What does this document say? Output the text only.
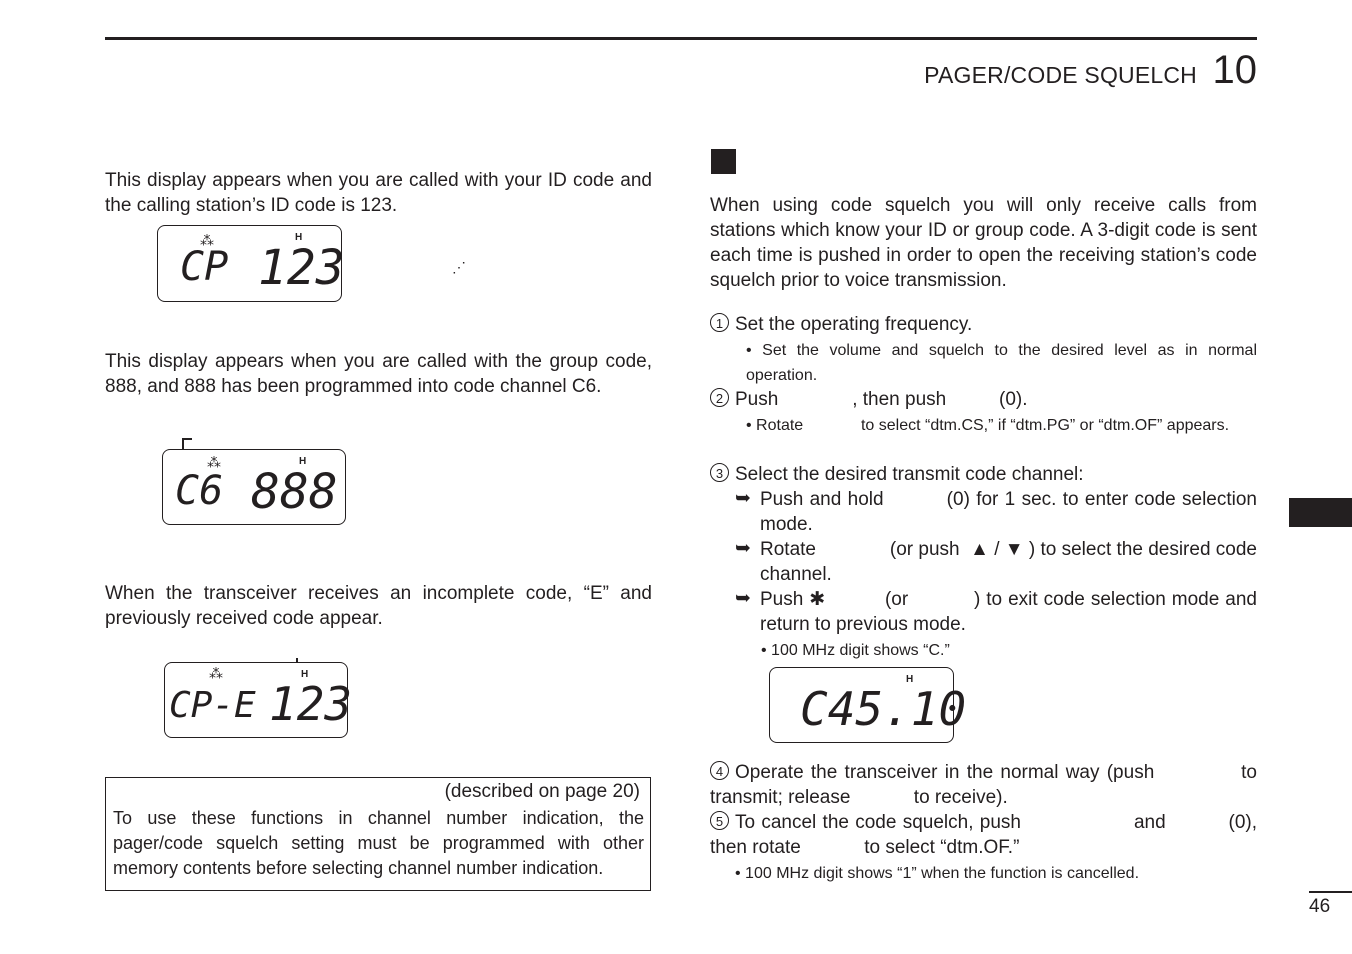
PAGER/CODE SQUELCH 10
This display appears when you are called with your ID code and the calling station’s ID code is 123.
H
⁂
CP 123	⋰
This display appears when you are called with the group code, 888, and 888 has been programmed into code channel C6.
H
⁂
C6 888
When the transceiver receives an incomplete code, “E” and previously received code appear.
H
⁂
CP-E 123
(described on page 20)
To use these functions in channel number indication, the pager/code squelch setting must be programmed with other memory contents before selecting channel number indication.
When using code squelch you will only receive calls from stations which know your ID or group code. A 3-digit code is sent each time is pushed in order to open the receiving station’s code squelch prior to voice transmission.
1 Set the operating frequency.
• Set the volume and squelch to the desired level as in normal operation.
2 Push              , then push          (0).
• Rotate             to select “dtm.CS,” if “dtm.PG” or “dtm.OF” appears.
3 Select the desired transmit code channel:
➥ Push and hold          (0) for 1 sec. to enter code selection mode.
➥ Rotate              (or push  ▲ / ▼ ) to select the desired code channel.
➥ Push ✱          (or           ) to exit code selection mode and return to previous mode.
• 100 MHz digit shows “C.”
H
C45.10
4 Operate the transceiver in the normal way (push            to transmit; release            to receive).
5 To cancel the code squelch, push                  and          (0), then rotate            to select “dtm.OF.”
• 100 MHz digit shows “1” when the function is cancelled.
46
